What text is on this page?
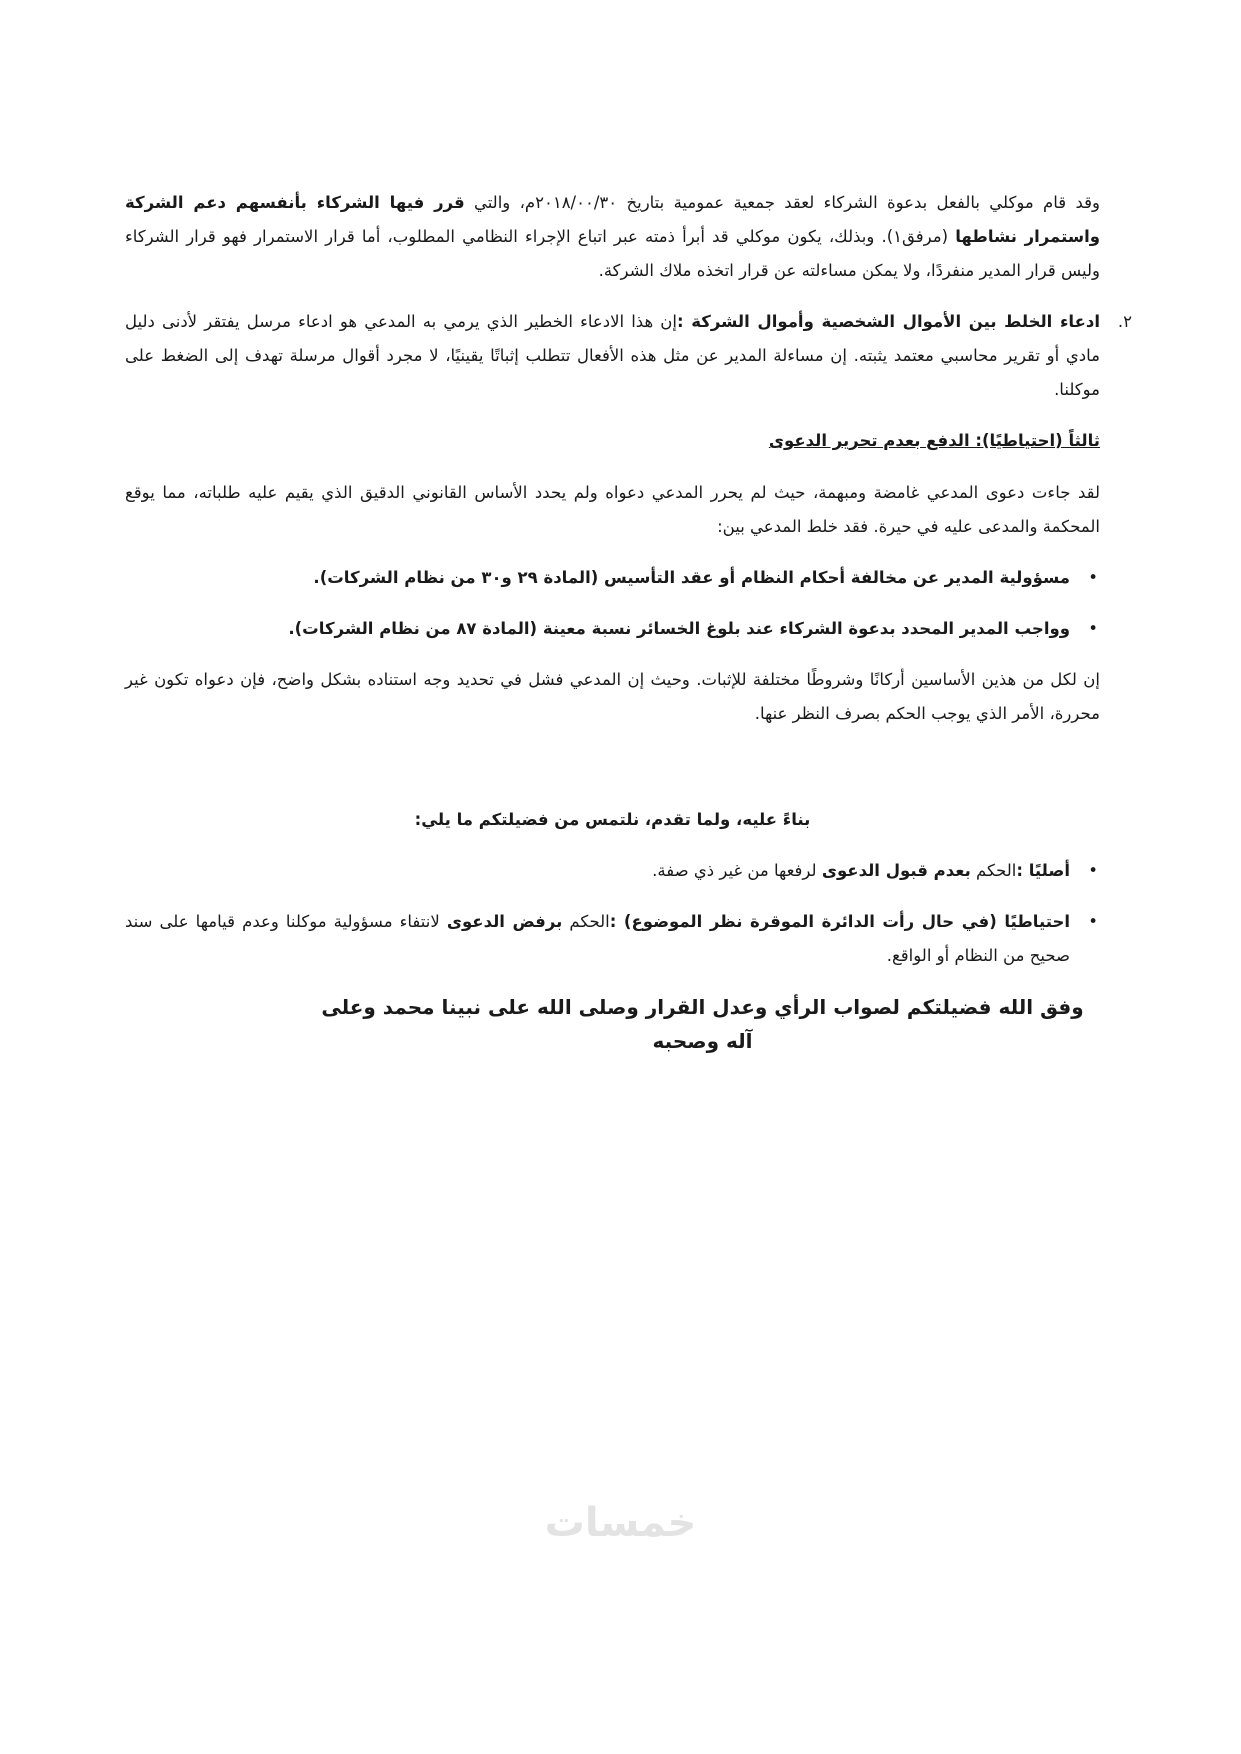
وقد قام موكلي بالفعل بدعوة الشركاء لعقد جمعية عمومية بتاريخ ٢٠١٨/٠٠/٣٠م، والتي قرر فيها الشركاء بأنفسهم دعم الشركة واستمرار نشاطها (مرفق١). وبذلك، يكون موكلي قد أبرأ ذمته عبر اتباع الإجراء النظامي المطلوب، أما قرار الاستمرار فهو قرار الشركاء وليس قرار المدير منفردًا، ولا يمكن مساءلته عن قرار اتخذه ملاك الشركة.

٢.
ادعاء الخلط بين الأموال الشخصية وأموال الشركة :إن هذا الادعاء الخطير الذي يرمي به المدعي هو ادعاء مرسل يفتقر لأدنى دليل مادي أو تقرير محاسبي معتمد يثبته. إن مساءلة المدير عن مثل هذه الأفعال تتطلب إثباتًا يقينيًا، لا مجرد أقوال مرسلة تهدف إلى الضغط على موكلنا.

ثالثاً (احتياطيًا): الدفع بعدم تحرير الدعوى

لقد جاءت دعوى المدعي غامضة ومبهمة، حيث لم يحرر المدعي دعواه ولم يحدد الأساس القانوني الدقيق الذي يقيم عليه طلباته، مما يوقع المحكمة والمدعى عليه في حيرة. فقد خلط المدعي بين:

• مسؤولية المدير عن مخالفة أحكام النظام أو عقد التأسيس (المادة ٢٩ و٣٠ من نظام الشركات).
• وواجب المدير المحدد بدعوة الشركاء عند بلوغ الخسائر نسبة معينة (المادة ٨٧ من نظام الشركات).

إن لكل من هذين الأساسين أركانًا وشروطًا مختلفة للإثبات. وحيث إن المدعي فشل في تحديد وجه استناده بشكل واضح، فإن دعواه تكون غير محررة، الأمر الذي يوجب الحكم بصرف النظر عنها.

بناءً عليه، ولما تقدم، نلتمس من فضيلتكم ما يلي:

• أصليًا :الحكم بعدم قبول الدعوى لرفعها من غير ذي صفة.
• احتياطيًا (في حال رأت الدائرة الموقرة نظر الموضوع) :الحكم برفض الدعوى لانتفاء مسؤولية موكلنا وعدم قيامها على سند صحيح من النظام أو الواقع.

وفق الله فضيلتكم لصواب الرأي وعدل القرار وصلى الله على نبينا محمد وعلى آله وصحبه

خمسات
